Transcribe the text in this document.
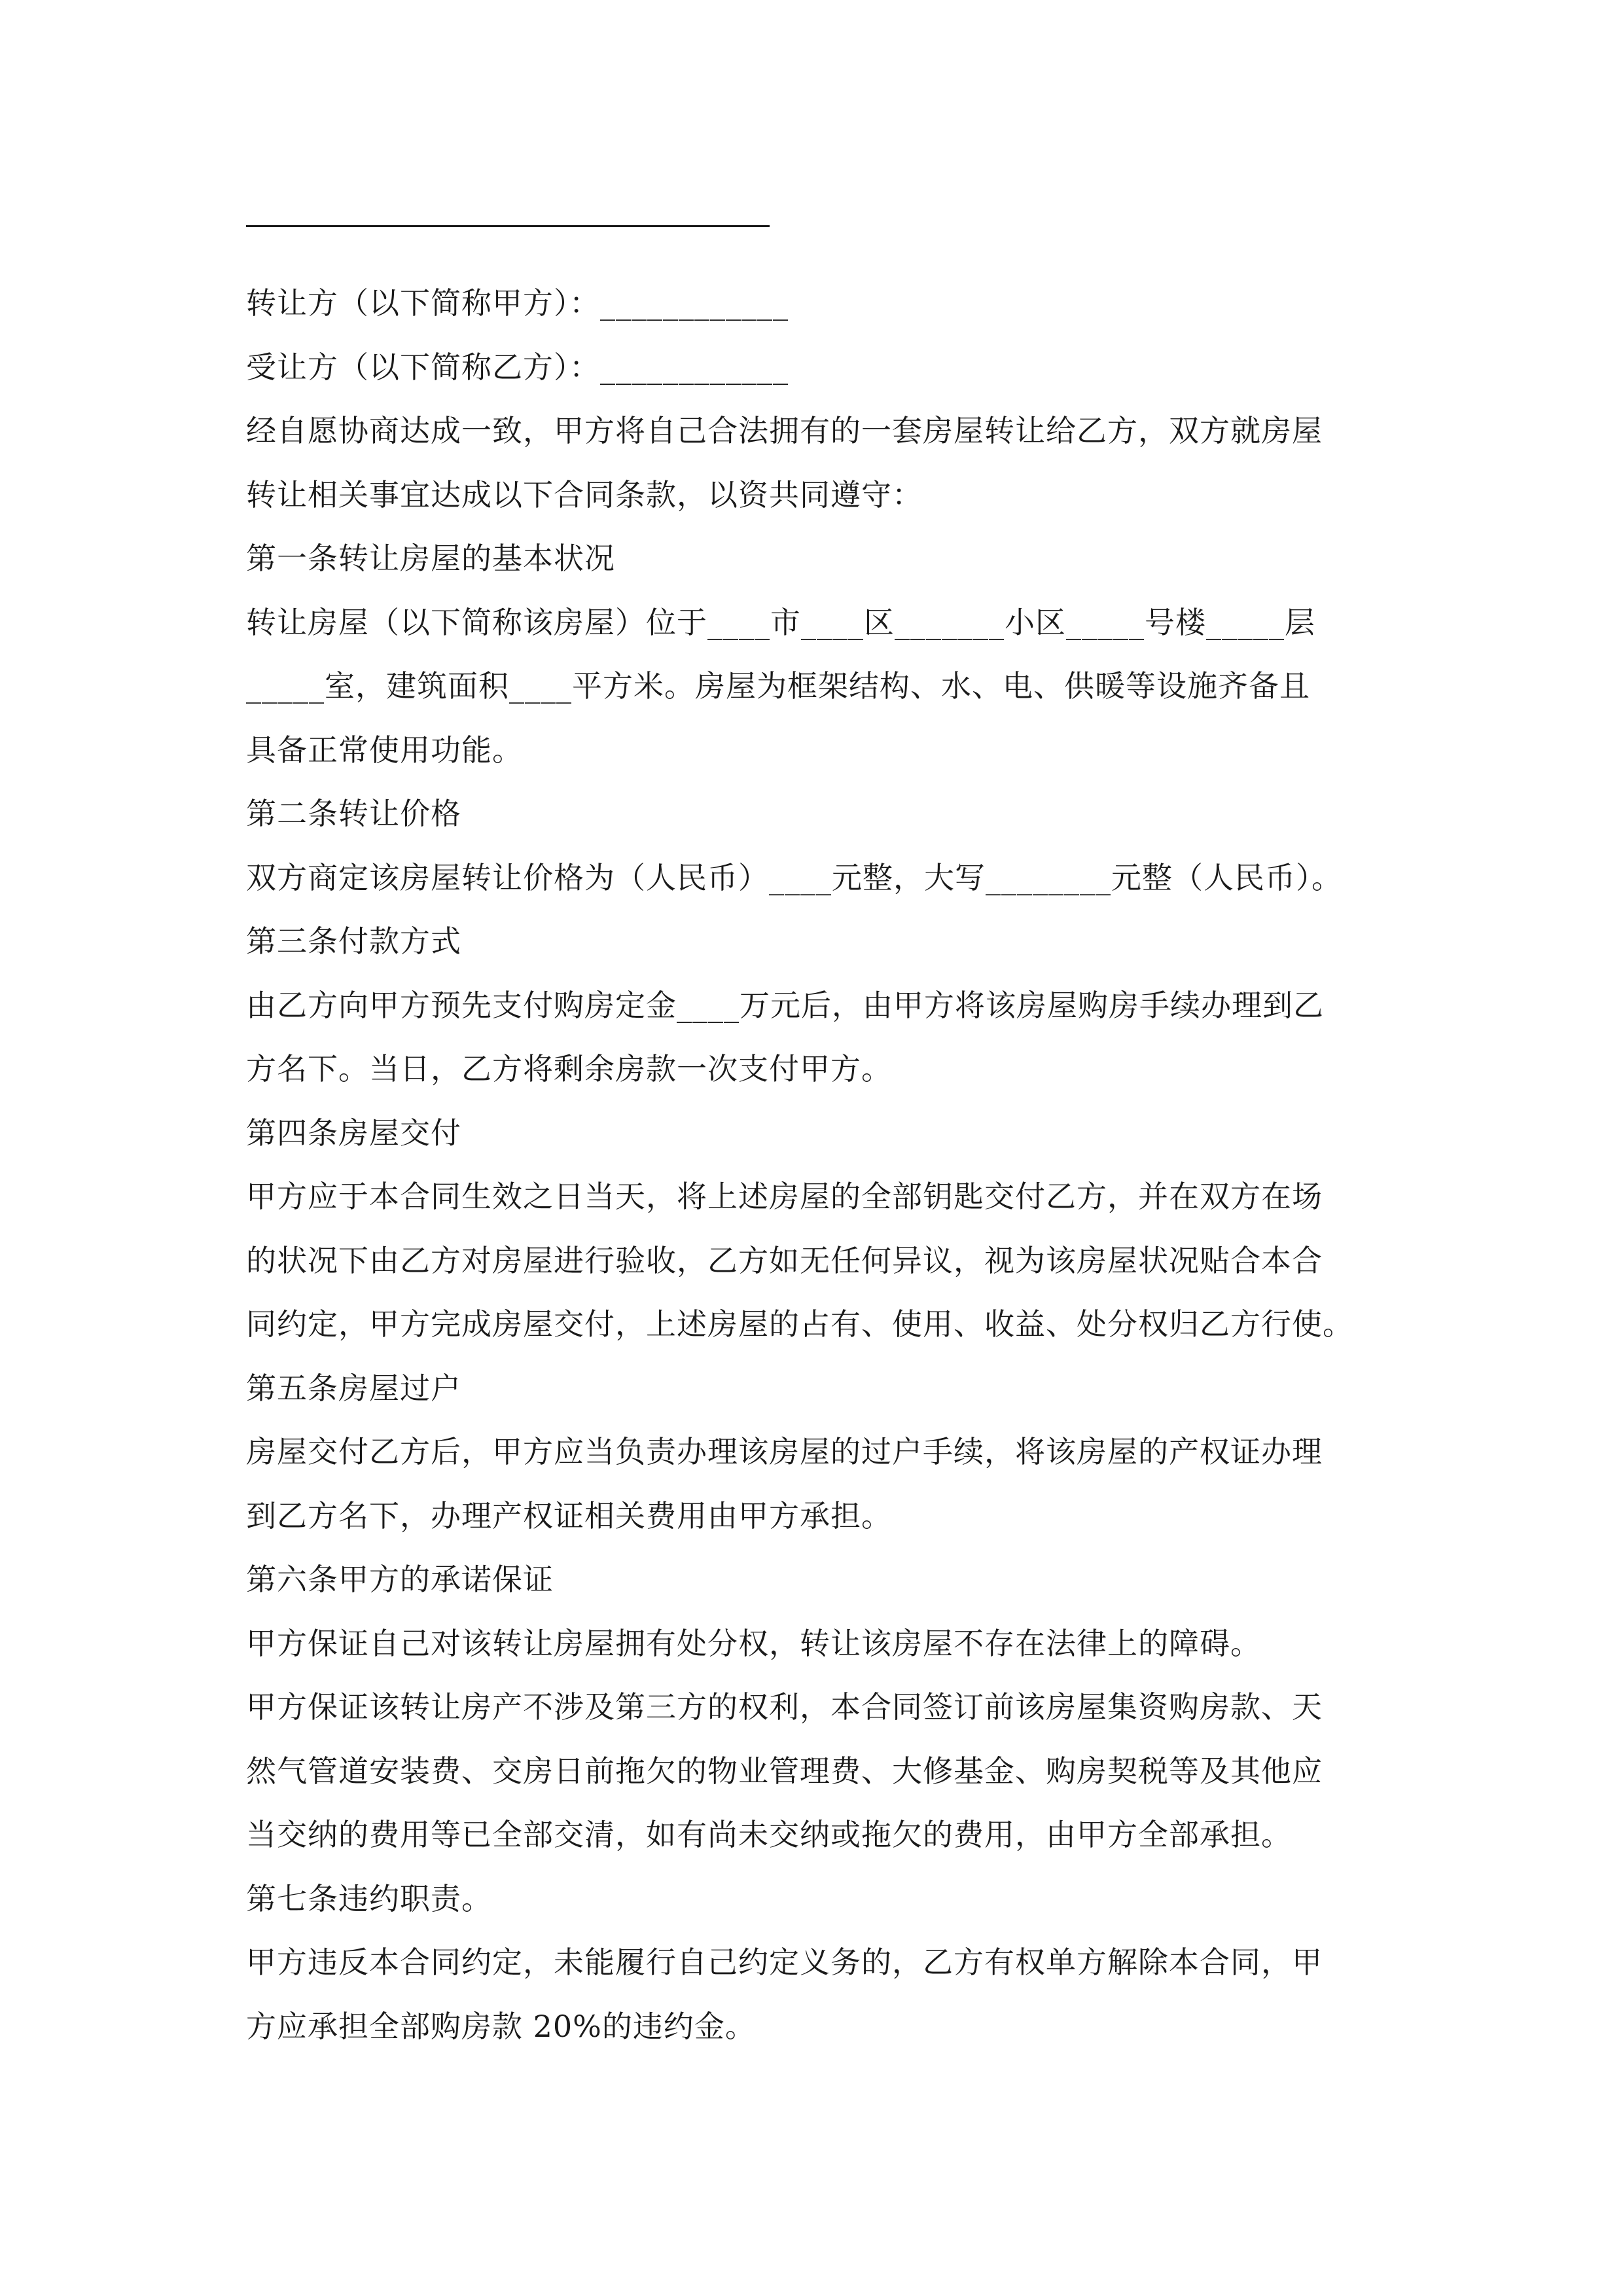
转让方（以下简称甲方）：____________
受让方（以下简称乙方）：____________
经自愿协商达成一致，甲方将自己合法拥有的一套房屋转让给乙方，双方就房屋
转让相关事宜达成以下合同条款，以资共同遵守：
第一条转让房屋的基本状况
转让房屋（以下简称该房屋）位于____市____区_______小区_____号楼_____层
_____室，建筑面积____平方米。房屋为框架结构、水、电、供暖等设施齐备且
具备正常使用功能。
第二条转让价格
双方商定该房屋转让价格为（人民币）____元整，大写________元整（人民币）。
第三条付款方式
由乙方向甲方预先支付购房定金____万元后，由甲方将该房屋购房手续办理到乙
方名下。当日，乙方将剩余房款一次支付甲方。
第四条房屋交付
甲方应于本合同生效之日当天，将上述房屋的全部钥匙交付乙方，并在双方在场
的状况下由乙方对房屋进行验收，乙方如无任何异议，视为该房屋状况贴合本合
同约定，甲方完成房屋交付，上述房屋的占有、使用、收益、处分权归乙方行使。
第五条房屋过户
房屋交付乙方后，甲方应当负责办理该房屋的过户手续，将该房屋的产权证办理
到乙方名下，办理产权证相关费用由甲方承担。
第六条甲方的承诺保证
甲方保证自己对该转让房屋拥有处分权，转让该房屋不存在法律上的障碍。
甲方保证该转让房产不涉及第三方的权利，本合同签订前该房屋集资购房款、天
然气管道安装费、交房日前拖欠的物业管理费、大修基金、购房契税等及其他应
当交纳的费用等已全部交清，如有尚未交纳或拖欠的费用，由甲方全部承担。
第七条违约职责。
甲方违反本合同约定，未能履行自己约定义务的，乙方有权单方解除本合同，甲
方应承担全部购房款 20%的违约金。
